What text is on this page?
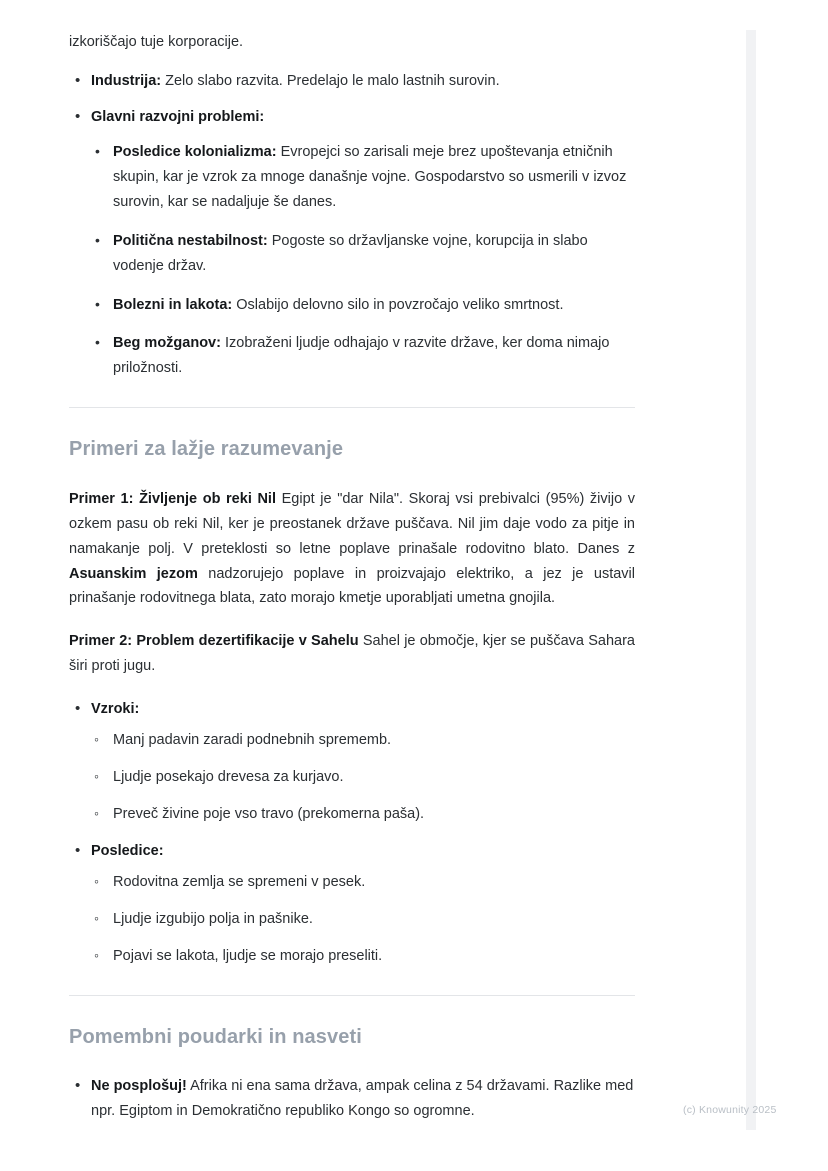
izkoriščajo tuje korporacije.

• Industrija: Zelo slabo razvita. Predelajo le malo lastnih surovin.
• Glavni razvojni problemi:
• Posledice kolonializma: Evropejci so zarisali meje brez upoštevanja etničnih skupin, kar je vzrok za mnoge današnje vojne. Gospodarstvo so usmerili v izvoz surovin, kar se nadaljuje še danes.
• Politična nestabilnost: Pogoste so državljanske vojne, korupcija in slabo vodenje držav.
• Bolezni in lakota: Oslabijo delovno silo in povzročajo veliko smrtnost.
• Beg možganov: Izobraženi ljudje odhajajo v razvite države, ker doma nimajo priložnosti.
Primeri za lažje razumevanje

Primer 1: Življenje ob reki Nil Egipt je "dar Nila". Skoraj vsi prebivalci (95%) živijo v ozkem pasu ob reki Nil, ker je preostanek države puščava. Nil jim daje vodo za pitje in namakanje polj. V preteklosti so letne poplave prinašale rodovitno blato. Danes z Asuanskim jezom nadzorujejo poplave in proizvajajo elektriko, a jez je ustavil prinašanje rodovitnega blata, zato morajo kmetje uporabljati umetna gnojila.

Primer 2: Problem dezertifikacije v Sahelu Sahel je območje, kjer se puščava Sahara širi proti jugu.

• Vzroki:
◦ Manj padavin zaradi podnebnih sprememb.
◦ Ljudje posekajo drevesa za kurjavo.
◦ Preveč živine poje vso travo (prekomerna paša).
• Posledice:
◦ Rodovitna zemlja se spremeni v pesek.
◦ Ljudje izgubijo polja in pašnike.
◦ Pojavi se lakota, ljudje se morajo preseliti.
Pomembni poudarki in nasveti
• Ne posplošuj! Afrika ni ena sama država, ampak celina z 54 državami. Razlike med npr. Egiptom in Demokratično republiko Kongo so ogromne.	(c) Knowunity 2025
